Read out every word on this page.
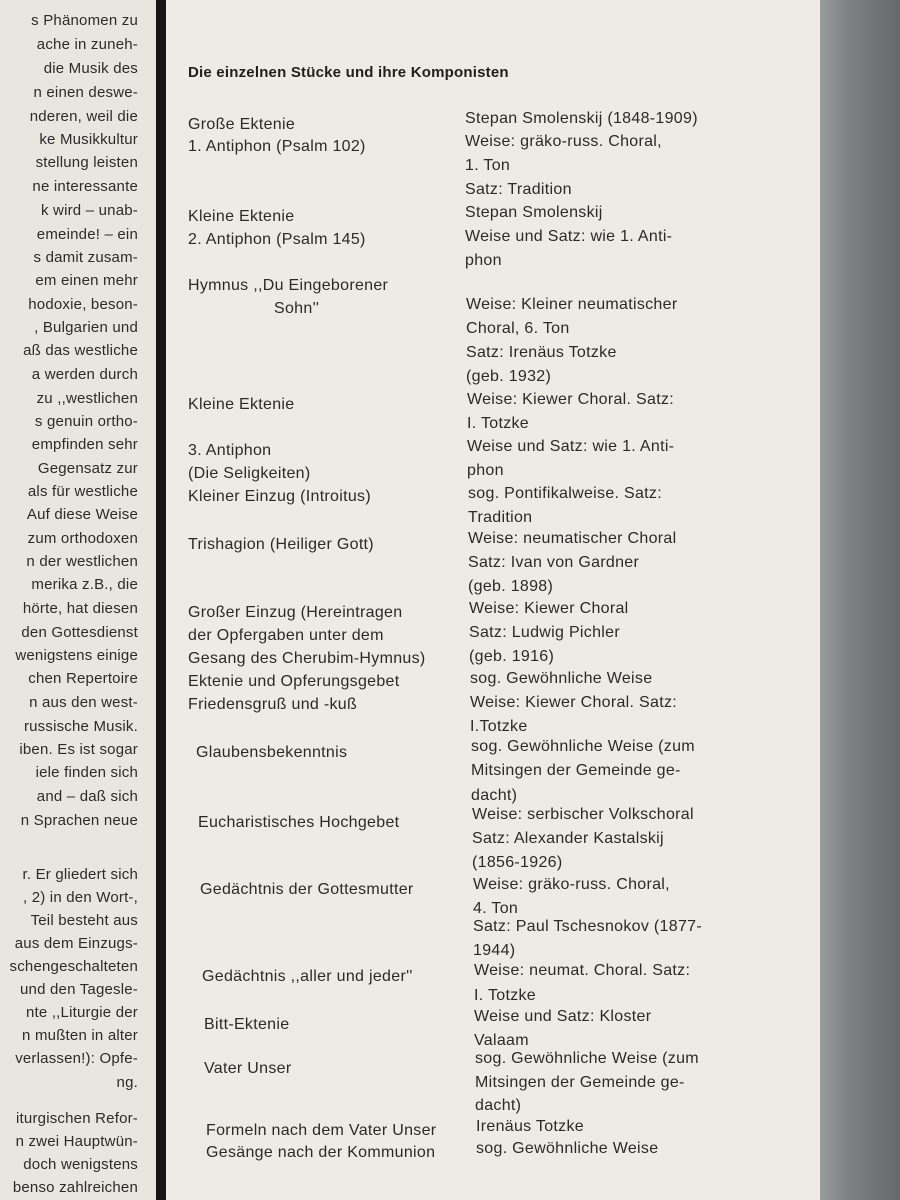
s Phänomen zu
ache in zuneh-
die Musik des
n einen deswe-
nderen, weil die
ke Musikkultur
stellung leisten
ne interessante
k wird – unab-
emeinde! – ein
s damit zusam-
em einen mehr
hodoxie, beson-
, Bulgarien und
aß das westliche
a werden durch
zu ,,westlichen
s genuin ortho-
empfinden sehr
Gegensatz zur
als für westliche
Auf diese Weise
zum orthodoxen
n der westlichen
merika z.B., die
hörte, hat diesen
den Gottesdienst
wenigstens einige
chen Repertoire
n aus den west-
russische Musik.
iben. Es ist sogar
iele finden sich
and – daß sich
n Sprachen neue
r. Er gliedert sich
, 2) in den Wort-,
Teil besteht aus
aus dem Einzugs-
schengeschalteten
und den Tagesle-
nte ,,Liturgie der
n mußten in alter
verlassen!): Opfe-
ng.
iturgischen Refor-
n zwei Hauptwün-
doch wenigstens
benso zahlreichen
Die einzelnen Stücke und ihre Komponisten
Große Ektenie
1. Antiphon (Psalm 102)
Kleine Ektenie
2. Antiphon (Psalm 145)
Hymnus ,,Du Eingeborener
Sohn''
Kleine Ektenie
3. Antiphon
(Die Seligkeiten)
Kleiner Einzug (Introitus)
Trishagion (Heiliger Gott)
Großer Einzug (Hereintragen
der Opfergaben unter dem
Gesang des Cherubim-Hymnus)
Ektenie und Opferungsgebet
Friedensgruß und -kuß
Glaubensbekenntnis
Eucharistisches Hochgebet
Gedächtnis der Gottesmutter
Gedächtnis ,,aller und jeder''
Bitt-Ektenie
Vater Unser
Formeln nach dem Vater Unser
Gesänge nach der Kommunion
Stepan Smolenskij (1848-1909)
Weise: gräko-russ. Choral,
1. Ton
Satz: Tradition
Stepan Smolenskij
Weise und Satz: wie 1. Anti-
phon
Weise: Kleiner neumatischer
Choral, 6. Ton
Satz: Irenäus Totzke
(geb. 1932)
Weise: Kiewer Choral. Satz:
I. Totzke
Weise und Satz: wie 1. Anti-
phon
sog. Pontifikalweise. Satz:
Tradition
Weise: neumatischer Choral
Satz: Ivan von Gardner
(geb. 1898)
Weise: Kiewer Choral
Satz: Ludwig Pichler
(geb. 1916)
sog. Gewöhnliche Weise
Weise: Kiewer Choral. Satz:
I.Totzke
sog. Gewöhnliche Weise (zum
Mitsingen der Gemeinde ge-
dacht)
Weise: serbischer Volkschoral
Satz: Alexander Kastalskij
(1856-1926)
Weise: gräko-russ. Choral,
4. Ton
Satz: Paul Tschesnokov (1877-
1944)
Weise: neumat. Choral. Satz:
I. Totzke
Weise und Satz: Kloster
Valaam
sog. Gewöhnliche Weise (zum
Mitsingen der Gemeinde ge-
dacht)
Irenäus Totzke
sog. Gewöhnliche Weise
